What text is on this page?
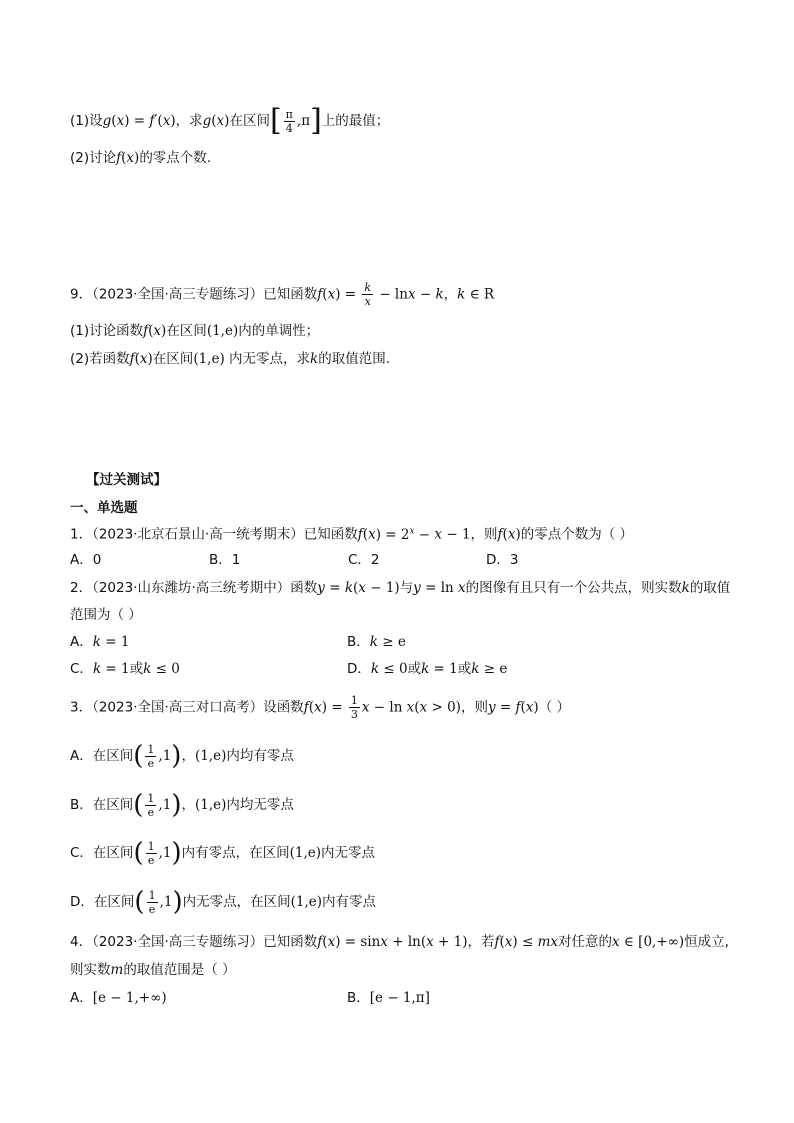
(1)设g(x) = f′(x)，求g(x)在区间[ $\frac{\pi}{4} ,\pi$]上的最值；
(2)讨论f(x)的零点个数.
9．（2023·全国·高三专题练习）已知函数$f(x) = \frac{k}{x} - \ln x - k$，k ∈ R
(1)讨论函数f(x)在区间(1,e)内的单调性；
(2)若函数f(x)在区间(1,e) 内无零点，求k的取值范围.
【过关测试】
一、单选题
1．（2023·北京石景山·高一统考期末）已知函数$f(x) = 2^x - x - 1$，则f(x)的零点个数为（ ）
A．0	B．1	C．2	D．3
2．（2023·山东潍坊·高三统考期中）函数y = k(x − 1)与y = ln x的图像有且只有一个公共点，则实数k的取值
范围为（ ）
A．k = 1	B．k ≥ e
C．k = 1或k ≤ 0	D．k ≤ 0或k = 1或k ≥ e
3．（2023·全国·高三对口高考）设函数$f(x) = \frac{1}{3}$ x − ln x(x > 0)，则y = f(x)（ ）
A．在区间( $\frac{1}{e} ,1$)，(1,e)内均有零点
B．在区间( $\frac{1}{e} ,1$)，(1,e)内均无零点
C．在区间( $\frac{1}{e} ,1$)内有零点，在区间(1,e)内无零点
D．在区间( $\frac{1}{e} ,1$)内无零点，在区间(1,e)内有零点
4．（2023·全国·高三专题练习）已知函数f(x) = sinx + ln(x + 1)，若f(x) ≤ mx对任意的x ∈ [0,+∞)恒成立,
则实数m的取值范围是（ ）
A．[e − 1,+∞)	B．[e − 1,π]
